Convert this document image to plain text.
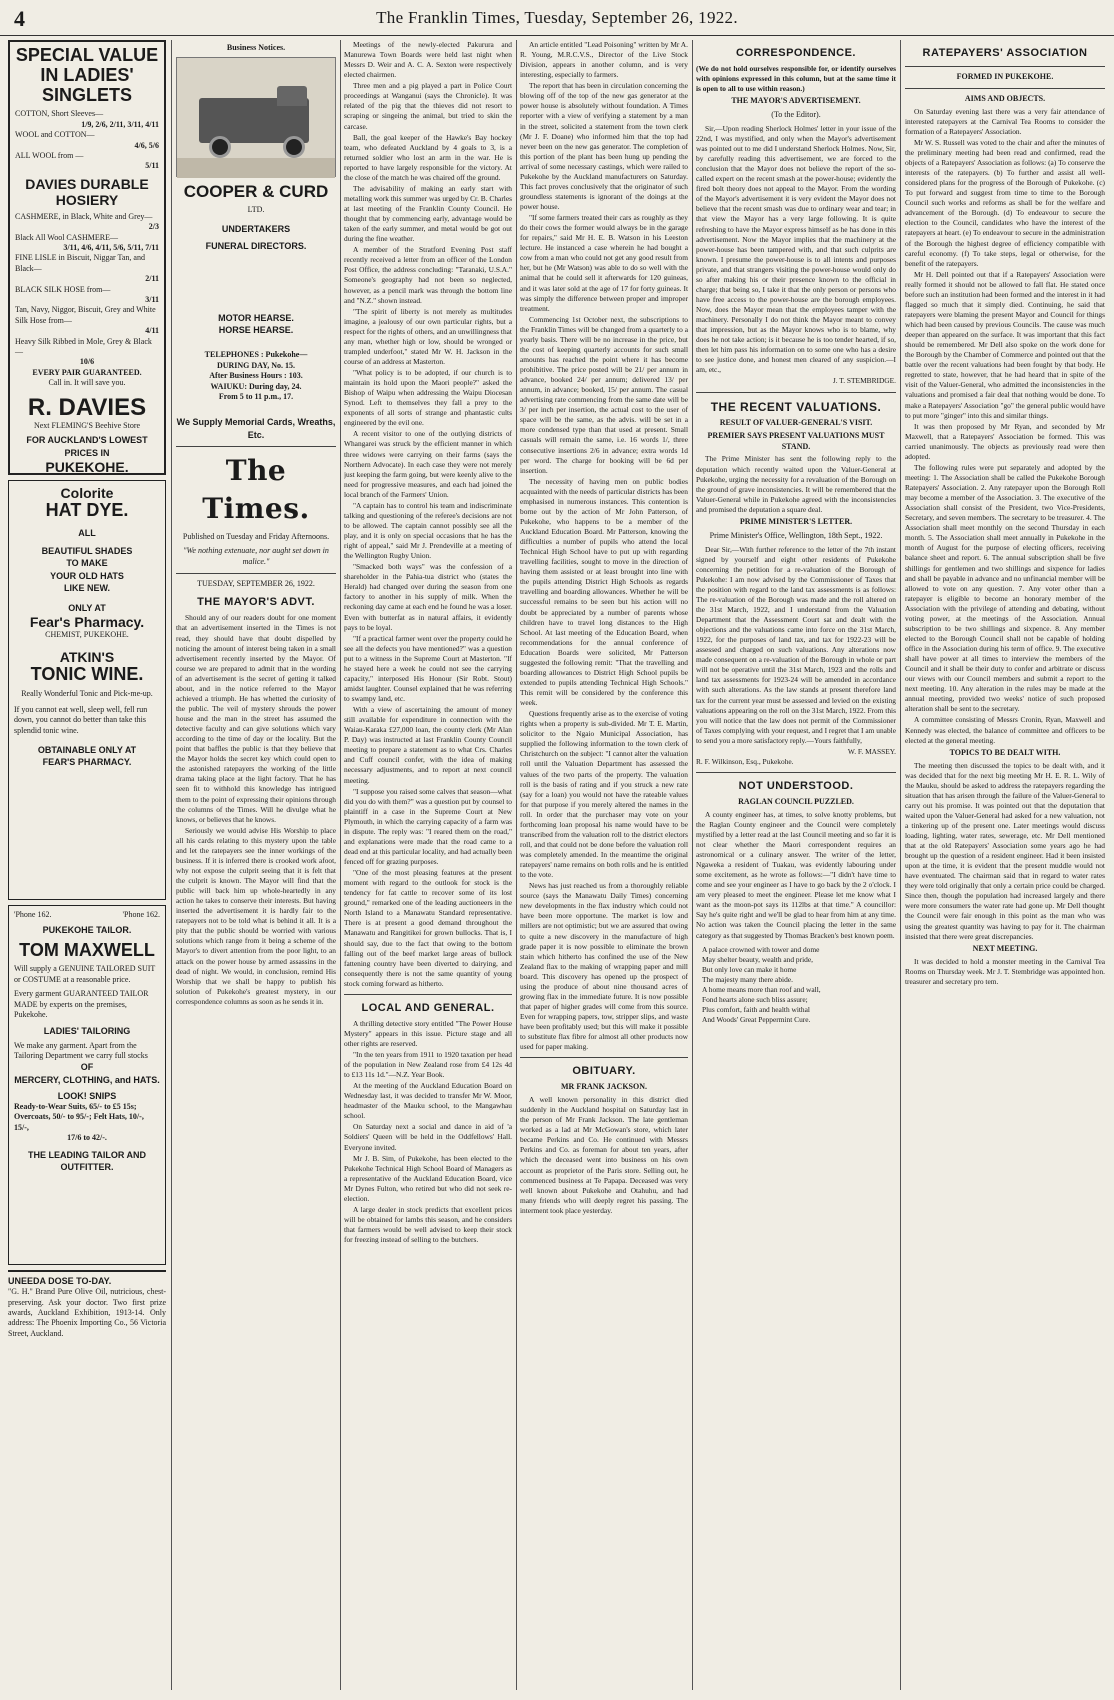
4	The Franklin Times, Tuesday, September 26, 1922.
SPECIAL VALUE IN LADIES' SINGLETS
COTTON, Short Sleeves—
1/9, 2/6, 2/11, 3/11, 4/11
WOOL and COTTON—
4/6, 5/6
ALL WOOL from —
5/11
DAVIES DURABLE HOSIERY
CASHMERE, in Black, White and Grey—
2/3
Black All Wool CASHMERE—
3/11, 4/6, 4/11, 5/6, 5/11, 7/11
FINE LISLE in Biscuit, Niggar Tan, and Black—
2/11
BLACK SILK HOSE from—
3/11
Tan, Navy, Niggor, Biscuit, Grey and White Silk Hose from—
4/11
Heavy Silk Ribbed in Mole, Grey & Black—
10/6
EVERY PAIR GUARANTEED.
Call in. It will save you.
R. DAVIES
Next FLEMING'S Beehive Store
FOR AUCKLAND'S LOWEST PRICES IN
PUKEKOHE.
Colorite
HAT DYE.
ALL
BEAUTIFUL SHADES
TO MAKE
YOUR OLD HATS
LIKE NEW.
ONLY AT
Fear's Pharmacy.
CHEMIST, PUKEKOHE.
ATKIN'S
TONIC WINE.
Really Wonderful Tonic and Pick-me-up.
If you cannot eat well, sleep well, fell run down, you cannot do better than take this splendid tonic wine.
OBTAINABLE ONLY AT
FEAR'S PHARMACY.
'Phone 162.	'Phone 162.
PUKEKOHE TAILOR.
TOM MAXWELL
Will supply a GENUINE TAILORED SUIT or COSTUME at a reasonable price.
Every garment GUARANTEED TAILOR MADE by experts on the premises, Pukekohe.
LADIES' TAILORING
We make any garment. Apart from the Tailoring Department we carry full stocks
OF
MERCERY, CLOTHING, and HATS.
LOOK! SNIPS
Ready-to-Wear Suits, 65/- to £5 15s; Overcoats, 50/- to 95/-; Felt Hats, 10/-, 15/-,
17/6 to 42/-.
THE LEADING TAILOR AND OUTFITTER.
UNEEDA DOSE TO-DAY.
"G. H." Brand Pure Olive Oil, nutricious, chest-preserving. Ask your doctor. Two first prize awards, Auckland Exhibition, 1913-14. Only address: The Phoenix Importing Co., 56 Victoria Street, Auckland.
Business Notices.
COOPER & CURD
LTD.
UNDERTAKERS
FUNERAL DIRECTORS.
MOTOR HEARSE.
HORSE HEARSE.
TELEPHONES : Pukekohe—
DURING DAY, No. 15.
After Business Hours : 103.
WAIUKU: During day, 24.
From 5 to 11 p.m., 17.
We Supply Memorial Cards, Wreaths, Etc.
The Times.
Published on Tuesday and Friday Afternoons.
"We nothing extenuate, nor aught set down in malice."
TUESDAY, SEPTEMBER 26, 1922.
THE MAYOR'S ADVT.

Should any of our readers doubt for one moment that an advertisement inserted in the Times is not read, they should have that doubt dispelled by noticing the amount of interest being taken in a small advertisement recently inserted by the Mayor. Of course we are prepared to admit that in the wording of an advertisement is the secret of getting it talked about, and in the notice referred to the Mayor achieved a triumph. He has whetted the curiosity of the public. The veil of mystery shrouds the power house and the man in the street has assumed the detective faculty and can give solutions which vary according to the time of day or the locality. But the point that baffles the public is that they believe that the Mayor holds the secret key which could open to the astonished ratepayers the working of the little drama taking place at the light factory. That he has seen fit to withhold this knowledge has intrigued them to the point of expressing their opinions through the columns of the Times. Will he divulge what he knows, or believes that he knows.

Seriously we would advise His Worship to place all his cards relating to this mystery upon the table and let the ratepayers see the inner workings of the business. If it is inferred there is crooked work afoot, why not expose the culprit seeing that it is felt that the culprit is known. The Mayor will find that the public will back him up whole-heartedly in any action he takes to conserve their interests. But having inserted the advertisement it is hardly fair to the ratepayers not to be told what is behind it all. It is a pity that the public should be worried with various solutions which range from it being a scheme of the Mayor's to divert attention from the poor light, to an attack on the power house by armed assassins in the dead of night. We would, in conclusion, remind His Worship that we shall be happy to publish his solution of Pukekohe's greatest mystery, in our correspondence columns as soon as he sends it in.

Meetings of the newly-elected Pakurura and Manurewa Town Boards were held last night when Messrs D. Weir and A. C. A. Sexton were respectively elected chairmen.

Three men and a pig played a part in Police Court proceedings at Wanganui (says the Chronicle). It was related of the pig that the thieves did not resort to scraping or singeing the animal, but tried to skin the carcase.

Ball, the goal keeper of the Hawke's Bay hockey team, who defeated Auckland by 4 goals to 3, is a returned soldier who lost an arm in the war. He is reported to have largely responsible for the victory. At the close of the match he was chaired off the ground.

The advisability of making an early start with metalling work this summer was urged by Cr. B. Charles at last meeting of the Franklin County Council. He thought that by commencing early, advantage would be taken of the early summer, and metal would be got out during the fine weather.

A member of the Stratford Evening Post staff recently received a letter from an officer of the London Post Office, the address concluding: "Taranaki, U.S.A." Someone's geography had not been so neglected, however, as a pencil mark was through the bottom line and "N.Z." shown instead.

"The spirit of liberty is not merely as multitudes imagine, a jealousy of our own particular rights, but a respect for the rights of others, and an unwillingness that any man, whether high or low, should be wronged or trampled underfoot," stated Mr W. H. Jackson in the course of an address at Masterton.

"What policy is to be adopted, if our church is to maintain its hold upon the Maori people?" asked the Bishop of Waipu when addressing the Waipu Diocesan Synod. Left to themselves they fall a prey to the exponents of all sorts of strange and phantastic cults engineered by the evil one.

A recent visitor to one of the outlying districts of Whangarei was struck by the efficient manner in which three widows were carrying on their farms (says the Northern Advocate). In each case they were not merely just keeping the farm going, but were keenly alive to the need for progressive measures, and each had joined the local branch of the Farmers' Union.

"A captain has to control his team and indiscriminate talking and questioning of the referee's decisions are not to be allowed. The captain cannot possibly see all the play, and it is only on special occasions that he has the right of appeal," said Mr J. Prendeville at a meeting of the Wellington Rugby Union.

"Smacked both ways" was the confession of a shareholder in the Pahia-tua district who (states the Herald) had changed over during the season from one factory to another in his supply of milk. When the reckoning day came at each end he found he was a loser. Even with butterfat as in natural affairs, it evidently pays to be loyal.

"If a practical farmer went over the property could he see all the defects you have mentioned?" was a question put to a witness in the Supreme Court at Masterton. "If he stayed here a week he could not see the carrying capacity," interposed His Honour (Sir Robt. Stout) amidst laughter. Counsel explained that he was referring to swampy land, etc.

With a view of ascertaining the amount of money still available for expenditure in connection with the Waiau-Karaka £27,000 loan, the county clerk (Mr Alan P. Day) was instructed at last Franklin County Council meeting to prepare a statement as to what Crs. Charles and Cuff council confer, with the idea of making necessary adjustments, and to report at next council meeting.

"I suppose you raised some calves that season—what did you do with them?" was a question put by counsel to plaintiff in a case in the Supreme Court at New Plymouth, in which the carrying capacity of a farm was in dispute. The reply was: "I reared them on the road," and explanations were made that the road came to a dead end at this particular locality, and had actually been fenced off for grazing purposes.

"One of the most pleasing features at the present moment with regard to the outlook for stock is the tendency for fat cattle to recover some of its lost ground," remarked one of the leading auctioneers in the North Island to a Manawatu Standard representative. There is at present a good demand throughout the Manawatu and Rangitikei for grown bullocks. That is, I should say, due to the fact that owing to the bottom falling out of the beef market large areas of bullock fattening country have been diverted to dairying, and consequently there is not the same quantity of young stock coming forward as hitherto.

LOCAL AND GENERAL.

A thrilling detective story entitled "The Power House Mystery" appears in this issue. Picture stage and all other rights are reserved.

"In the ten years from 1911 to 1920 taxation per head of the population in New Zealand rose from £4 12s 4d to £13 11s 1d."—N.Z. Year Book.

At the meeting of the Auckland Education Board on Wednesday last, it was decided to transfer Mr W. Moor, headmaster of the Mauku school, to the Mangawhau school.

On Saturday next a social and dance in aid of 'a Soldiers' Queen will be held in the Oddfellows' Hall. Everyone invited.

Mr J. B. Sim, of Pukekohe, has been elected to the Pukekohe Technical High School Board of Managers as a representative of the Auckland Education Board, vice Mr Dynes Fulton, who retired but who did not seek re-election.

A large dealer in stock predicts that excellent prices will be obtained for lambs this season, and he considers that farmers would be well advised to keep their stock for freezing instead of selling to the butchers.

An article entitled "Lead Poisoning" written by Mr A. R. Young, M.R.C.V.S., Director of the Live Stock Division, appears in another column, and is very interesting, especially to farmers.

The report that has been in circulation concerning the blowing off of the top of the new gas generator at the power house is absolutely without foundation. A Times reporter with a view of verifying a statement by a man in the street, solicited a statement from the town clerk (Mr J. F. Doane) who informed him that the top had never been on the new gas generator. The completion of this portion of the plant has been hung up pending the arrival of some necessary castings, which were railed to Pukekohe by the Auckland manufacturers on Saturday. This fact proves conclusively that the originator of such groundless statements is ignorant of the doings at the power house.

"If some farmers treated their cars as roughly as they do their cows the former would always be in the garage for repairs," said Mr H. E. B. Watson in his Leeston lecture. He instanced a case wherein he had bought a cow from a man who could not get any good result from her, but he (Mr Watson) was able to do so well with the animal that he could sell it afterwards for 120 guineas, and it was later sold at the age of 17 for forty guineas. It was simply the difference between proper and improper treatment.

Commencing 1st October next, the subscriptions to the Franklin Times will be changed from a quarterly to a yearly basis. There will be no increase in the price, but the cost of keeping quarterly accounts for such small amounts has reached the point where it has become prohibitive. The price posted will be 21/ per annum in advance, booked 24/ per annum; delivered 13/ per annum, in advance; booked, 15/ per annum. The casual advertising rate commencing from the same date will be 3/ per inch per insertion, the actual cost to the user of space will be the same, as the advis. will be set in a more condensed type than that used at present. Small casuals will remain the same, i.e. 16 words 1/, three consecutive insertions 2/6 in advance; extra words 1d per word. The charge for booking will be 6d per insertion.

The necessity of having men on public bodies acquainted with the needs of particular districts has been emphasised in numerous instances. This contention is borne out by the action of Mr John Patterson, of Pukekohe, who happens to be a member of the Auckland Education Board. Mr Patterson, knowing the difficulties a number of pupils who attend the local Technical High School have to put up with regarding travelling facilities, sought to move in the direction of having them assisted or at least brought into line with the pupils attending District High Schools as regards travelling and boarding allowances. Whether he will be successful remains to be seen but his action will no doubt be appreciated by a number of parents whose children have to travel long distances to the High School. At last meeting of the Education Board, when recommendations for the annual conference of Education Boards were solicited, Mr Patterson suggested the following remit: "That the travelling and boarding allowances to District High School pupils be extended to pupils attending Technical High Schools." This remit will be considered by the conference this week.

Questions frequently arise as to the exercise of voting rights when a property is sub-divided. Mr T. E. Martin, solicitor to the Ngaio Municipal Association, has supplied the following information to the town clerk of Christchurch on the subject: "I cannot alter the valuation roll until the Valuation Department has assessed the values of the two parts of the property. The valuation roll is the basis of rating and if you struck a new rate (say for a loan) you would not have the rateable values for that purpose if you merely altered the names in the roll. In order that the purchaser may vote on your forthcoming loan proposal his name would have to be transcribed from the valuation roll to the district electors roll, and that could not be done before the valuation roll was completely amended. In the meantime the original ratepayers' name remains on both rolls and he is entitled to the vote.

News has just reached us from a thoroughly reliable source (says the Manawatu Daily Times) concerning new developments in the flax industry which could not have been more opportune. The market is low and millers are not optimistic; but we are assured that owing to quite a new discovery in the manufacture of high grade paper it is now possible to eliminate the brown stain which hitherto has confined the use of the New Zealand flax to the making of wrapping paper and mill board. This discovery has opened up the prospect of using the produce of about nine thousand acres of growing flax in the immediate future. It is now possible that paper of higher grades will come from this source. Even for wrapping papers, tow, stripper slips, and waste have been profitably used; but this will make it possible to substitute flax fibre for almost all other products now used for paper making.

OBITUARY.
MR FRANK JACKSON.

A well known personality in this district died suddenly in the Auckland hospital on Saturday last in the person of Mr Frank Jackson. The late gentleman worked as a lad at Mr McGowan's store, which later became Perkins and Co. He continued with Messrs Perkins and Co. as foreman for about ten years, after which the deceased went into business on his own account as proprietor of the Paris store. Selling out, he commenced business at Te Papapa. Deceased was very well known about Pukekohe and Otahuhu, and had many friends who will deeply regret his passing. The interment took place yesterday.

CORRESPONDENCE.

(We do not hold ourselves responsible for, or identify ourselves with opinions expressed in this column, but at the same time it is open to all to use within reason.)

THE MAYOR'S ADVERTISEMENT.
(To the Editor).

Sir,—Upon reading Sherlock Holmes' letter in your issue of the 22nd, I was mystified, and only when the Mayor's advertisement was pointed out to me did I understand Sherlock Holmes. Now, Sir, by carefully reading this advertisement, we are forced to the conclusion that the Mayor does not believe the report of the so-called expert on the recent smash at the power-house; evidently the fired bolt theory does not appeal to the Mayor. From the wording of the Mayor's advertisement it is very evident the Mayor does not believe that the recent smash was due to ordinary wear and tear; in that view the Mayor has a very large following. It is quite refreshing to have the Mayor express himself as he has done in this advertisement. Now the Mayor implies that the machinery at the power-house has been tampered with, and that such culprits are known. I presume the power-house is to all intents and purposes private, and that strangers visiting the power-house would only do so after making his or their presence known to the official in charge; that being so, I take it that the only person or persons who have free access to the power-house are the borough employees. Now, does the Mayor mean that the employees tamper with the machinery. Personally I do not think the Mayor meant to convey that impression, but as the Mayor knows who is to blame, why does he not take action; is it because he is too tender hearted, if so, then let him pass his information on to some one who has a desire to see justice done, and honest men cleared of any suspicion.—I am, etc.,

J. T. STEMBRIDGE.
THE RECENT VALUATIONS.
RESULT OF VALUER-GENERAL'S VISIT.
PREMIER SAYS PRESENT VALUATIONS MUST STAND.

The Prime Minister has sent the following reply to the deputation which recently waited upon the Valuer-General at Pukekohe, urging the necessity for a revaluation of the Borough on the ground of grave inconsistencies. It will be remembered that the Valuer-General while in Pukekohe agreed with the inconsistencies and promised the deputation a square deal.

PRIME MINISTER'S LETTER.
Prime Minister's Office, Wellington, 18th Sept., 1922.

Dear Sir,—With further reference to the letter of the 7th instant signed by yourself and eight other residents of Pukekohe concerning the petition for a re-valuation of the Borough of Pukekohe: I am now advised by the Commissioner of Taxes that the position with regard to the land tax assessments is as follows: The re-valuation of the Borough was made and the roll altered on the 31st March, 1922, and I understand from the Valuation Department that the Assessment Court sat and dealt with the objections and the valuations came into force on the 31st March, 1922, for the purposes of land tax, and tax for 1922-23 will be assessed and charged on such valuations. Any alterations now made consequent on a re-valuation of the Borough in whole or part will not be operative until the 31st March, 1923 and the rolls and land tax assessments for 1923-24 will be amended in accordance with such alterations. As the law stands at present therefore land tax for the current year must be assessed and levied on the existing valuations appearing on the roll on the 31st March, 1922. From this you will notice that the law does not permit of the Commissioner of Taxes complying with your request, and I regret that I am unable to send you a more satisfactory reply.—Yours faithfully,

W. F. MASSEY.
R. F. Wilkinson, Esq., Pukekohe.
NOT UNDERSTOOD.
RAGLAN COUNCIL PUZZLED.

A county engineer has, at times, to solve knotty problems, but the Raglan County engineer and the Council were completely mystified by a letter read at the last Council meeting and so far it is not clear whether the Maori correspondent requires an astronomical or a culinary answer. The writer of the letter, Ngaweka a resident of Tuakau, was evidently labouring under some excitement, as he wrote as follows:—"I didn't have time to come and see your engineer as I have to go back by the 2 o'clock. I am very pleased to meet the engineer. Please let me know what I want as the moon-pot says its 112lbs at that time." A councillor: Say he's quite right and we'll be glad to hear from him at any time. No action was taken the Council placing the letter in the same category as that suggested by Thomas Bracken's best known poem.

A palace crowned with tower and dome
May shelter beauty, wealth and pride,
But only love can make it home
The majesty many there abide.
A home means more than roof and wall,
Fond hearts alone such bliss assure;
Plus comfort, faith and health withal
And Woods' Great Peppermint Cure.
RATEPAYERS' ASSOCIATION
FORMED IN PUKEKOHE.
AIMS AND OBJECTS.

On Saturday evening last there was a very fair attendance of interested ratepayers at the Carnival Tea Rooms to consider the formation of a Ratepayers' Association.

Mr W. S. Russell was voted to the chair and after the minutes of the preliminary meeting had been read and confirmed, read the objects of a Ratepayers' Association as follows: (a) To conserve the interests of the ratepayers. (b) To further and assist all well-considered plans for the progress of the Borough of Pukekohe. (c) To put forward and suggest from time to time to the Borough Council such works and reforms as shall be for the welfare and advancement of the Borough. (d) To endeavour to secure the election to the Council, candidates who have the interest of the ratepayers at heart. (e) To endeavour to secure in the administration of the Borough the highest degree of efficiency compatible with careful economy. (f) To take steps, legal or otherwise, for the benefit of the ratepayers.

Mr H. Dell pointed out that if a Ratepayers' Association were really formed it should not be allowed to fall flat. He stated once before such an institution had been formed and the interest in it had flagged so much that it simply died. Continuing, he said that ratepayers were blaming the present Mayor and Council for things which had been caused by previous Councils. The cause was much deeper than appeared on the surface. It was important that this fact should be remembered. Mr Dell also spoke on the work done for the Borough by the Chamber of Commerce and pointed out that the battle over the recent valuations had been fought by that body. He regretted to state, however, that he had heard that in spite of the visit of the Valuer-General, who admitted the inconsistencies in the valuations and promised a fair deal that nothing would be done. To make a Ratepayers' Association "go" the general public would have to put more "ginger" into this and similar things.

It was then proposed by Mr Ryan, and seconded by Mr Maxwell, that a Ratepayers' Association be formed. This was carried unanimously. The objects as previously read were then adopted.

The following rules were put separately and adopted by the meeting: 1. The Association shall be called the Pukekohe Borough Ratepayers' Association. 2. Any ratepayer upon the Borough Roll may become a member of the Association. 3. The executive of the Association shall consist of the President, two Vice-Presidents, Secretary, and seven members. The secretary to be treasurer. 4. The Association shall meet monthly on the second Thursday in each month. 5. The Association shall meet annually in Pukekohe in the month of August for the purpose of electing officers, receiving balance sheet and report. 6. The annual subscription shall be five shillings for gentlemen and two shillings and sixpence for ladies and shall be payable in advance and no unfinancial member will be allowed to vote on any question. 7. Any voter other than a ratepayer is eligible to become an honorary member of the Association with the privilege of attending and debating, without voting power, at the meetings of the Association. Annual subscription to be two shillings and sixpence. 8. Any member elected to the Borough Council shall not be capable of holding office in the Association during his term of office. 9. The executive shall have power at all times to interview the members of the Council and it shall be their duty to confer and arbitrate or discuss our views with our Council members and submit a report to the next meeting. 10. Any alteration in the rules may be made at the annual meeting, provided two weeks' notice of such proposed alteration shall be sent to the secretary.

A committee consisting of Messrs Cronin, Ryan, Maxwell and Kennedy was elected, the balance of committee and officers to be elected at the general meeting.

TOPICS TO BE DEALT WITH.

The meeting then discussed the topics to be dealt with, and it was decided that for the next big meeting Mr H. E. R. L. Wily of the Mauku, should be asked to address the ratepayers regarding the situation that has arisen through the failure of the Valuer-General to carry out his promise. It was pointed out that the deputation that waited upon the Valuer-General had asked for a new valuation, not a tinkering up of the present one. Later meetings would discuss loading, lighting, water rates, sewerage, etc. Mr Dell mentioned that at the old Ratepayers' Association some years ago he had brought up the question of a resident engineer. Had it been insisted upon at the time, it is evident that the present muddle would not have eventuated. The chairman said that in regard to water rates they were told originally that only a certain price could be charged. Since then, though the population had increased largely and there were more consumers the water rate had gone up. Mr Dell thought the Council were fair enough in this point as the man who was using the greatest quantity was having to pay for it. The chairman insisted that there were great discrepancies.

NEXT MEETING.

It was decided to hold a monster meeting in the Carnival Tea Rooms on Thursday week. Mr J. T. Stembridge was appointed hon. treasurer and secretary pro tem.
